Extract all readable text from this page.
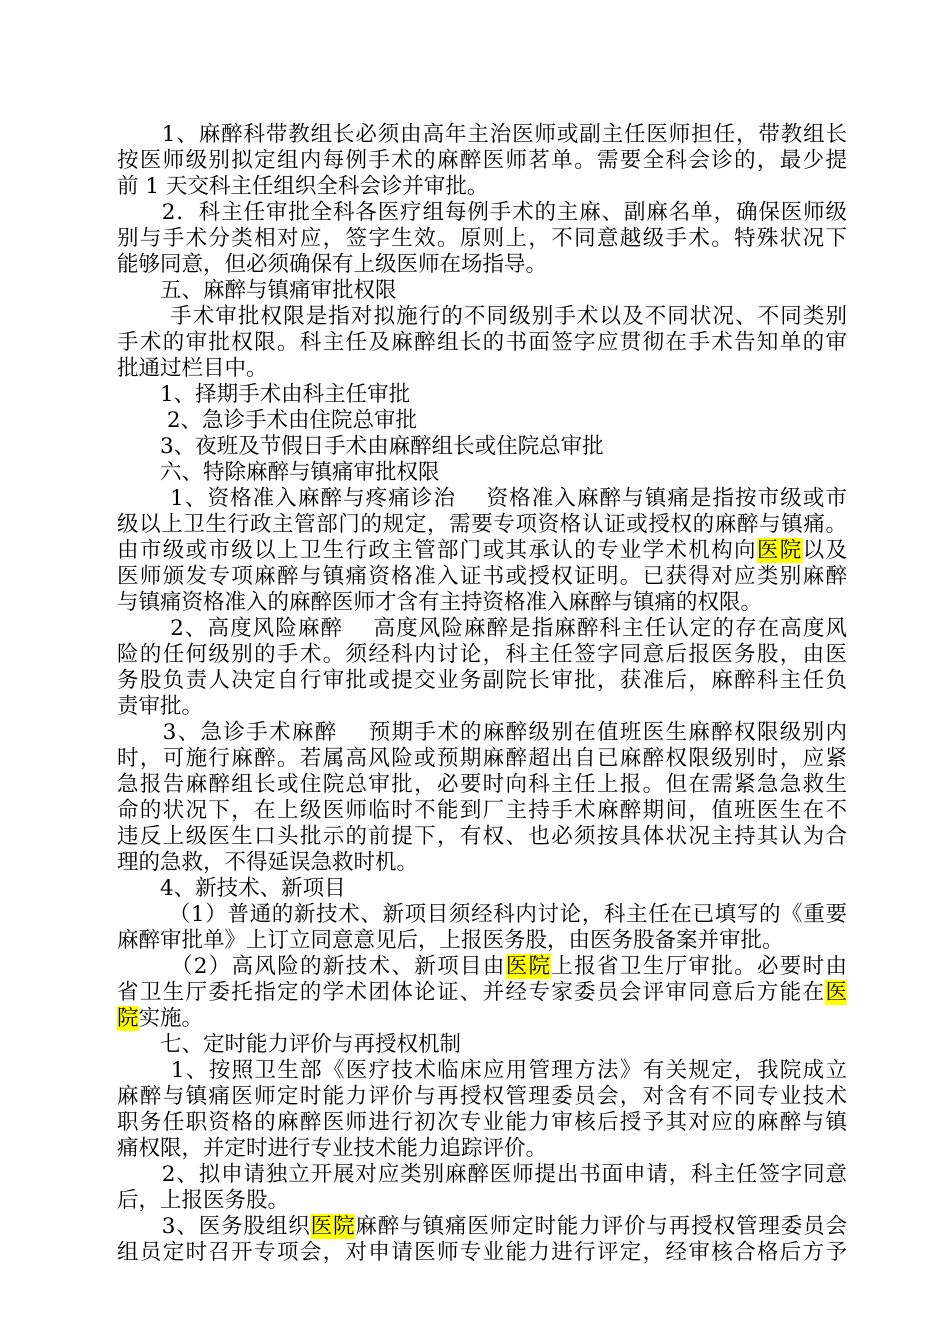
　　1、麻醉科带教组长必须由高年主治医师或副主任医师担任，带教组长
按医师级别拟定组内每例手术的麻醉医师茗单。需要全科会诊的，最少提
前 1 天交科主任组织全科会诊并审批。
　　2．科主任审批全科各医疗组每例手术的主麻、副麻名单，确保医师级
别与手术分类相对应，签字生效。原则上，不同意越级手术。特殊状况下
能够同意，但必须确保有上级医师在场指导。
　　五、麻醉与镇痛审批权限
　　 手术审批权限是指对拟施行的不同级别手术以及不同状况、不同类别
手术的审批权限。科主任及麻醉组长的书面签字应贯彻在手术告知单的审
批通过栏目中。
　　1、择期手术由科主任审批
　　 2、急诊手术由住院总审批
　　3、夜班及节假日手术由麻醉组长或住院总审批
　　六、特除麻醉与镇痛审批权限
　　 1、资格准入麻醉与疼痛诊治　 资格准入麻醉与镇痛是指按市级或市
级以上卫生行政主管部门的规定，需要专项资格认证或授权的麻醉与镇痛。
由市级或市级以上卫生行政主管部门或其承认的专业学术机构向医院以及
医师颁发专项麻醉与镇痛资格准入证书或授权证明。已获得对应类别麻醉
与镇痛资格准入的麻醉医师才含有主持资格准入麻醉与镇痛的权限。
　　 2、高度风险麻醉　 高度风险麻醉是指麻醉科主任认定的存在高度风
险的任何级别的手术。须经科内讨论，科主任签字同意后报医务股，由医
务股负责人决定自行审批或提交业务副院长审批，获准后，麻醉科主任负
责审批。
　　3、急诊手术麻醉　 预期手术的麻醉级别在值班医生麻醉权限级别内
时，可施行麻醉。若属高风险或预期麻醉超出自已麻醉权限级别时，应紧
急报告麻醉组长或住院总审批，必要时向科主任上报。但在需紧急急救生
命的状况下，在上级医师临时不能到厂主持手术麻醉期间，值班医生在不
违反上级医生口头批示的前提下，有权、也必须按具体状况主持其认为合
理的急救，不得延误急救时机。
　　4、新技术、新项目
　　 （1）普通的新技术、新项目须经科内讨论，科主任在已填写的《重要
麻醉审批单》上订立同意意见后，上报医务股，由医务股备案并审批。
　　 （2）高风险的新技术、新项目由医院上报省卫生厅审批。必要时由
省卫生厅委托指定的学术团体论证、并经专家委员会评审同意后方能在医
院实施。
　　七、定时能力评价与再授权机制
　　 1、按照卫生部《医疗技术临床应用管理方法》有关规定，我院成立
麻醉与镇痛医师定时能力评价与再授权管理委员会，对含有不同专业技术
职务任职资格的麻醉医师进行初次专业能力审核后授予其对应的麻醉与镇
痛权限，并定时进行专业技术能力追踪评价。
　　2、拟申请独立开展对应类别麻醉医师提出书面申请，科主任签字同意
后，上报医务股。
　　3、医务股组织医院麻醉与镇痛医师定时能力评价与再授权管理委员会
组员定时召开专项会，对申请医师专业能力进行评定，经审核合格后方予
